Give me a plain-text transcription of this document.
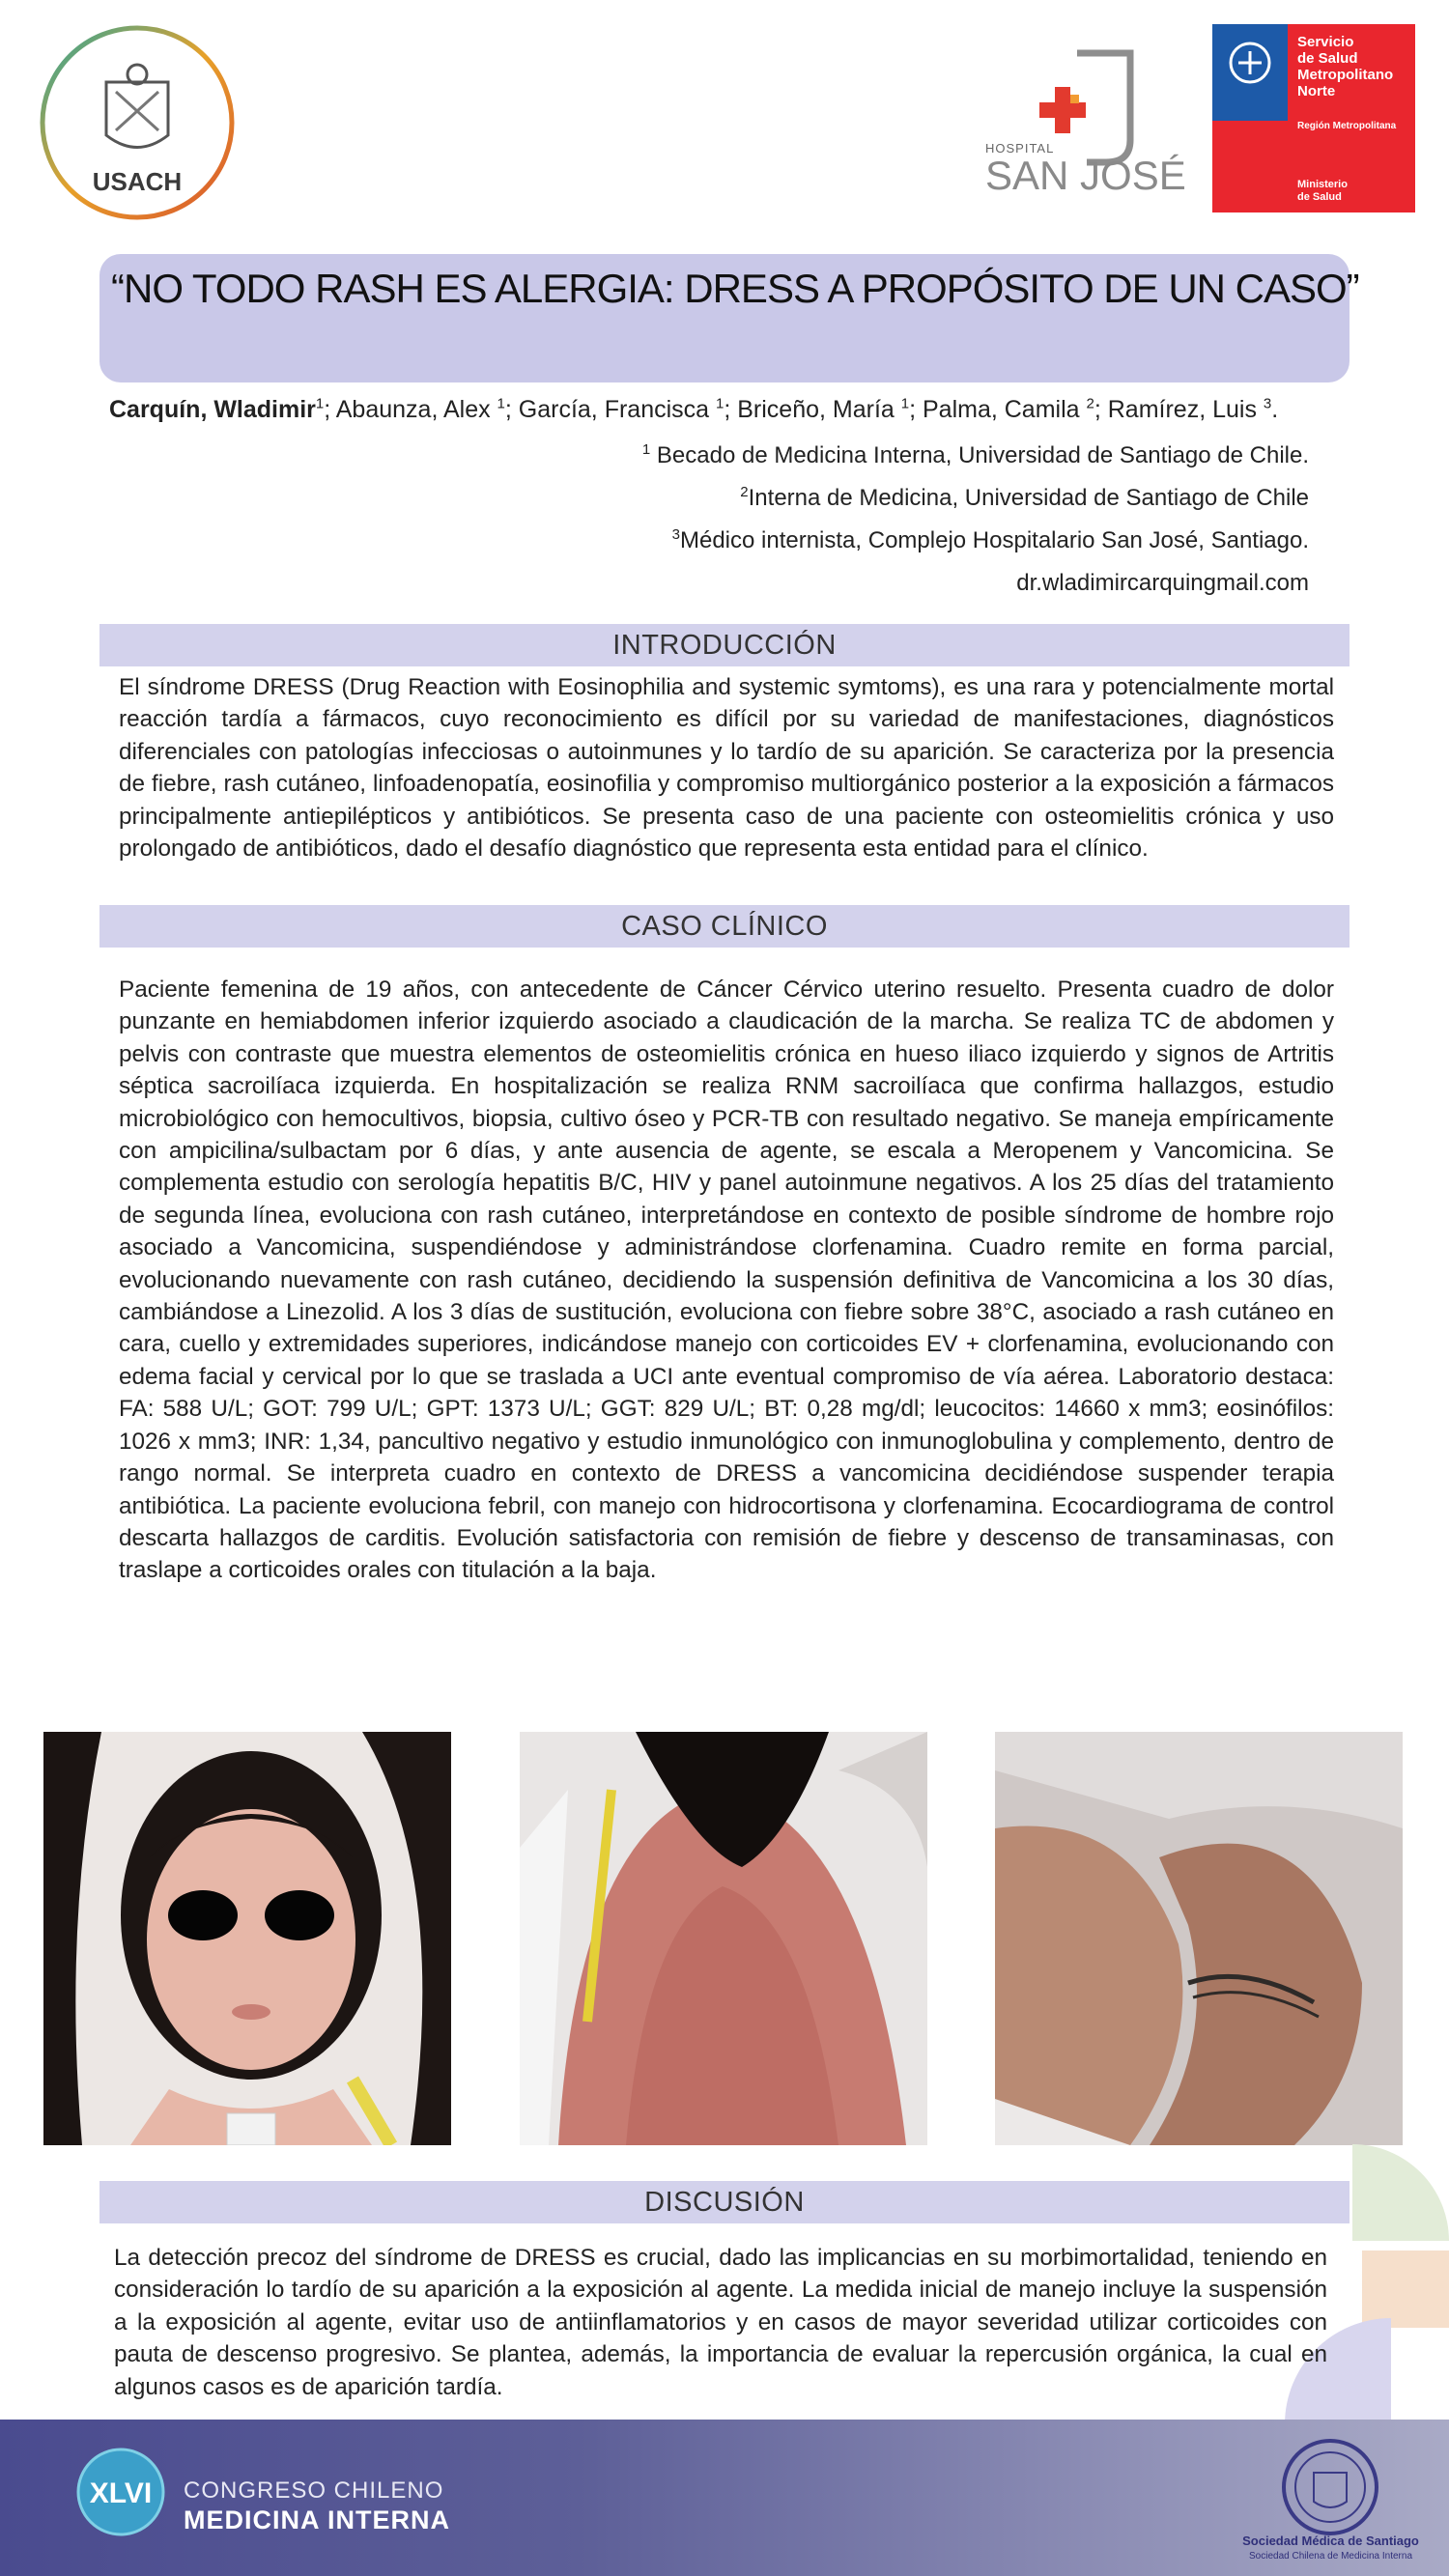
USACH
HOSPITAL
SAN JOSÉ
Servicio
de Salud
Metropolitano
Norte
Región Metropolitana
Ministerio
de Salud
“NO TODO RASH ES ALERGIA: DRESS A PROPÓSITO DE UN CASO”
Carquín, Wladimir$^1$; Abaunza, Alex $^1$; García, Francisca $^1$; Briceño, María $^1$; Palma, Camila $^2$; Ramírez, Luis $^3$.
$^1$ Becado de Medicina Interna, Universidad de Santiago de Chile.
$^2$Interna de Medicina, Universidad de Santiago de Chile
$^3$Médico internista, Complejo Hospitalario San José, Santiago.
dr.wladimircarquingmail.com
INTRODUCCIÓN
El síndrome DRESS (Drug Reaction with Eosinophilia and systemic symtoms), es una rara y potencialmente mortal reacción tardía a fármacos, cuyo reconocimiento es difícil por su variedad de manifestaciones, diagnósticos diferenciales con patologías infecciosas o autoinmunes y lo tardío de su aparición. Se caracteriza por la presencia de fiebre, rash cutáneo, linfoadenopatía, eosinofilia y compromiso multiorgánico posterior a la exposición a fármacos principalmente antiepilépticos y antibióticos. Se presenta caso de una paciente con osteomielitis crónica y uso prolongado de antibióticos, dado el desafío diagnóstico que representa esta entidad para el clínico.
CASO CLÍNICO
Paciente femenina de 19 años, con antecedente de Cáncer Cérvico uterino resuelto. Presenta cuadro de dolor punzante en hemiabdomen inferior izquierdo asociado a claudicación de la marcha. Se realiza TC de abdomen y pelvis con contraste que muestra elementos de osteomielitis crónica en hueso iliaco izquierdo y signos de Artritis séptica sacroilíaca izquierda. En hospitalización se realiza RNM sacroilíaca que confirma hallazgos, estudio microbiológico con hemocultivos, biopsia, cultivo óseo y PCR-TB con resultado negativo. Se maneja empíricamente con ampicilina/sulbactam por 6 días, y ante ausencia de agente, se escala a Meropenem y Vancomicina. Se complementa estudio con serología hepatitis B/C, HIV y panel autoinmune negativos. A los 25 días del tratamiento de segunda línea, evoluciona con rash cutáneo, interpretándose en contexto de posible síndrome de hombre rojo asociado a Vancomicina, suspendiéndose y administrándose clorfenamina. Cuadro remite en forma parcial, evolucionando nuevamente con rash cutáneo, decidiendo la suspensión definitiva de Vancomicina a los 30 días, cambiándose a Linezolid. A los 3 días de sustitución, evoluciona con fiebre sobre 38°C, asociado a rash cutáneo en cara, cuello y extremidades superiores, indicándose manejo con corticoides EV + clorfenamina, evolucionando con edema facial y cervical por lo que se traslada a UCI ante eventual compromiso de vía aérea. Laboratorio destaca: FA: 588 U/L; GOT: 799 U/L; GPT: 1373 U/L; GGT: 829 U/L; BT: 0,28 mg/dl; leucocitos: 14660 x mm3; eosinófilos: 1026 x mm3; INR: 1,34, pancultivo negativo y estudio inmunológico con inmunoglobulina y complemento, dentro de rango normal. Se interpreta cuadro en contexto de DRESS a vancomicina decidiéndose suspender terapia antibiótica. La paciente evoluciona febril, con manejo con hidrocortisona y clorfenamina. Ecocardiograma de control descarta hallazgos de carditis. Evolución satisfactoria con remisión de fiebre y descenso de transaminasas, con traslape a corticoides orales con titulación a la baja.
DISCUSIÓN
La detección precoz del síndrome de DRESS es crucial, dado las implicancias en su morbimortalidad, teniendo en consideración lo tardío de su aparición a la exposición al agente. La medida inicial de manejo incluye la suspensión a la exposición al agente, evitar uso de antiinflamatorios y en casos de mayor severidad utilizar corticoides con pauta de descenso progresivo. Se plantea, además, la importancia de evaluar la repercusión orgánica, la cual en algunos casos es de aparición tardía.
XLVI CONGRESO CHILENO
MEDICINA INTERNA
Sociedad Médica de Santiago
Sociedad Chilena de Medicina Interna
